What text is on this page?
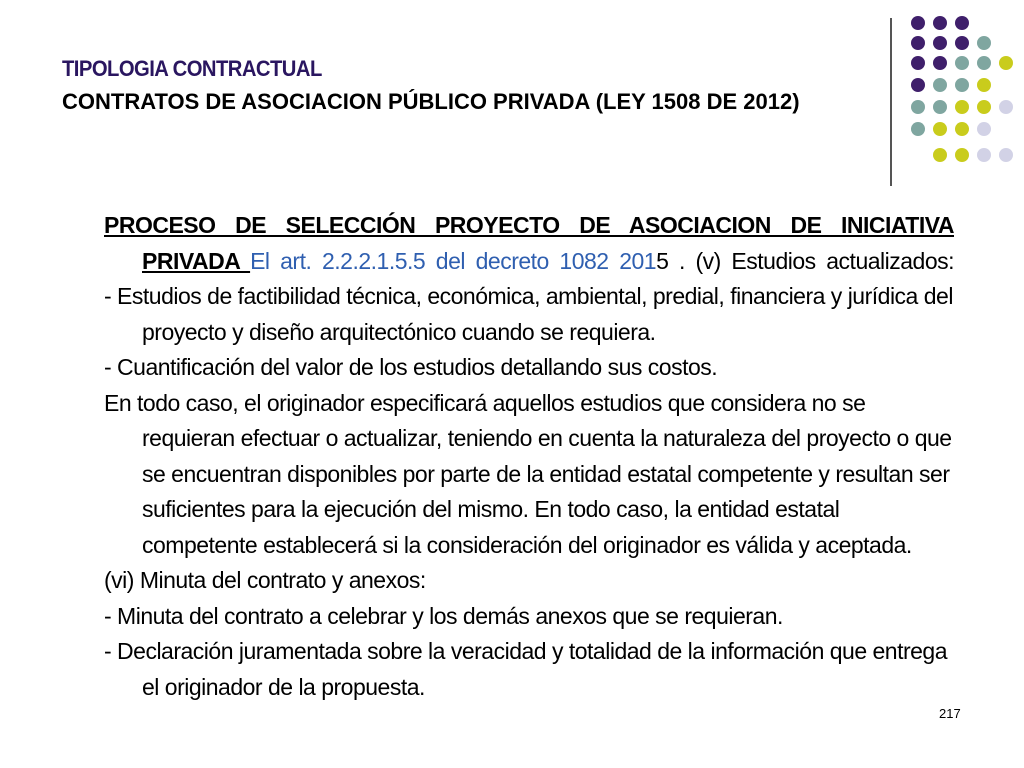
TIPOLOGIA CONTRACTUAL
CONTRATOS DE ASOCIACION PÚBLICO PRIVADA (LEY 1508 DE 2012)

PROCESO DE SELECCIÓN PROYECTO DE ASOCIACION DE INICIATIVA PRIVADA El art. 2.2.2.1.5.5 del decreto 1082 2015 . (v) Estudios actualizados:

- Estudios de factibilidad técnica, económica, ambiental, predial, financiera y jurídica del proyecto y diseño arquitectónico cuando se requiera.

- Cuantificación del valor de los estudios detallando sus costos.

En todo caso, el originador especificará aquellos estudios que considera no se requieran efectuar o actualizar, teniendo en cuenta la naturaleza del proyecto o que se encuentran disponibles por parte de la entidad estatal competente y resultan ser suficientes para la ejecución del mismo. En todo caso, la entidad estatal competente establecerá si la consideración del originador es válida y aceptada.

(vi) Minuta del contrato y anexos:

- Minuta del contrato a celebrar y los demás anexos que se requieran.

- Declaración juramentada sobre la veracidad y totalidad de la información que entrega el originador de la propuesta.

217
